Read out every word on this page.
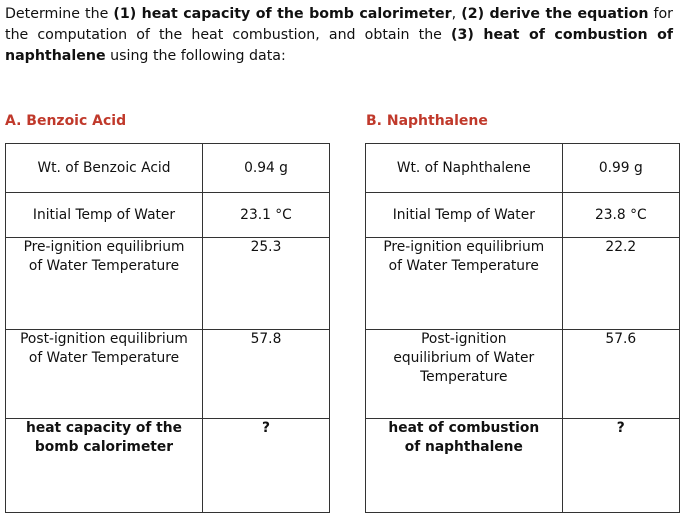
Determine the (1) heat capacity of the bomb calorimeter, (2) derive the equation for the computation of the heat combustion, and obtain the (3) heat of combustion of naphthalene using the following data:
A. Benzoic Acid	B. Naphthalene
Wt. of Benzoic Acid	0.94 g
Initial Temp of Water	23.1 °C

Pre-ignition equilibrium of Water Temperature	25.3

Post-ignition equilibrium of Water Temperature	57.8

heat capacity of the bomb calorimeter	?
Wt. of Naphthalene	0.99 g
Initial Temp of Water	23.8 °C

Pre-ignition equilibrium of Water Temperature	22.2

Post-ignition equilibrium of Water Temperature	57.6

heat of combustion of naphthalene	?
